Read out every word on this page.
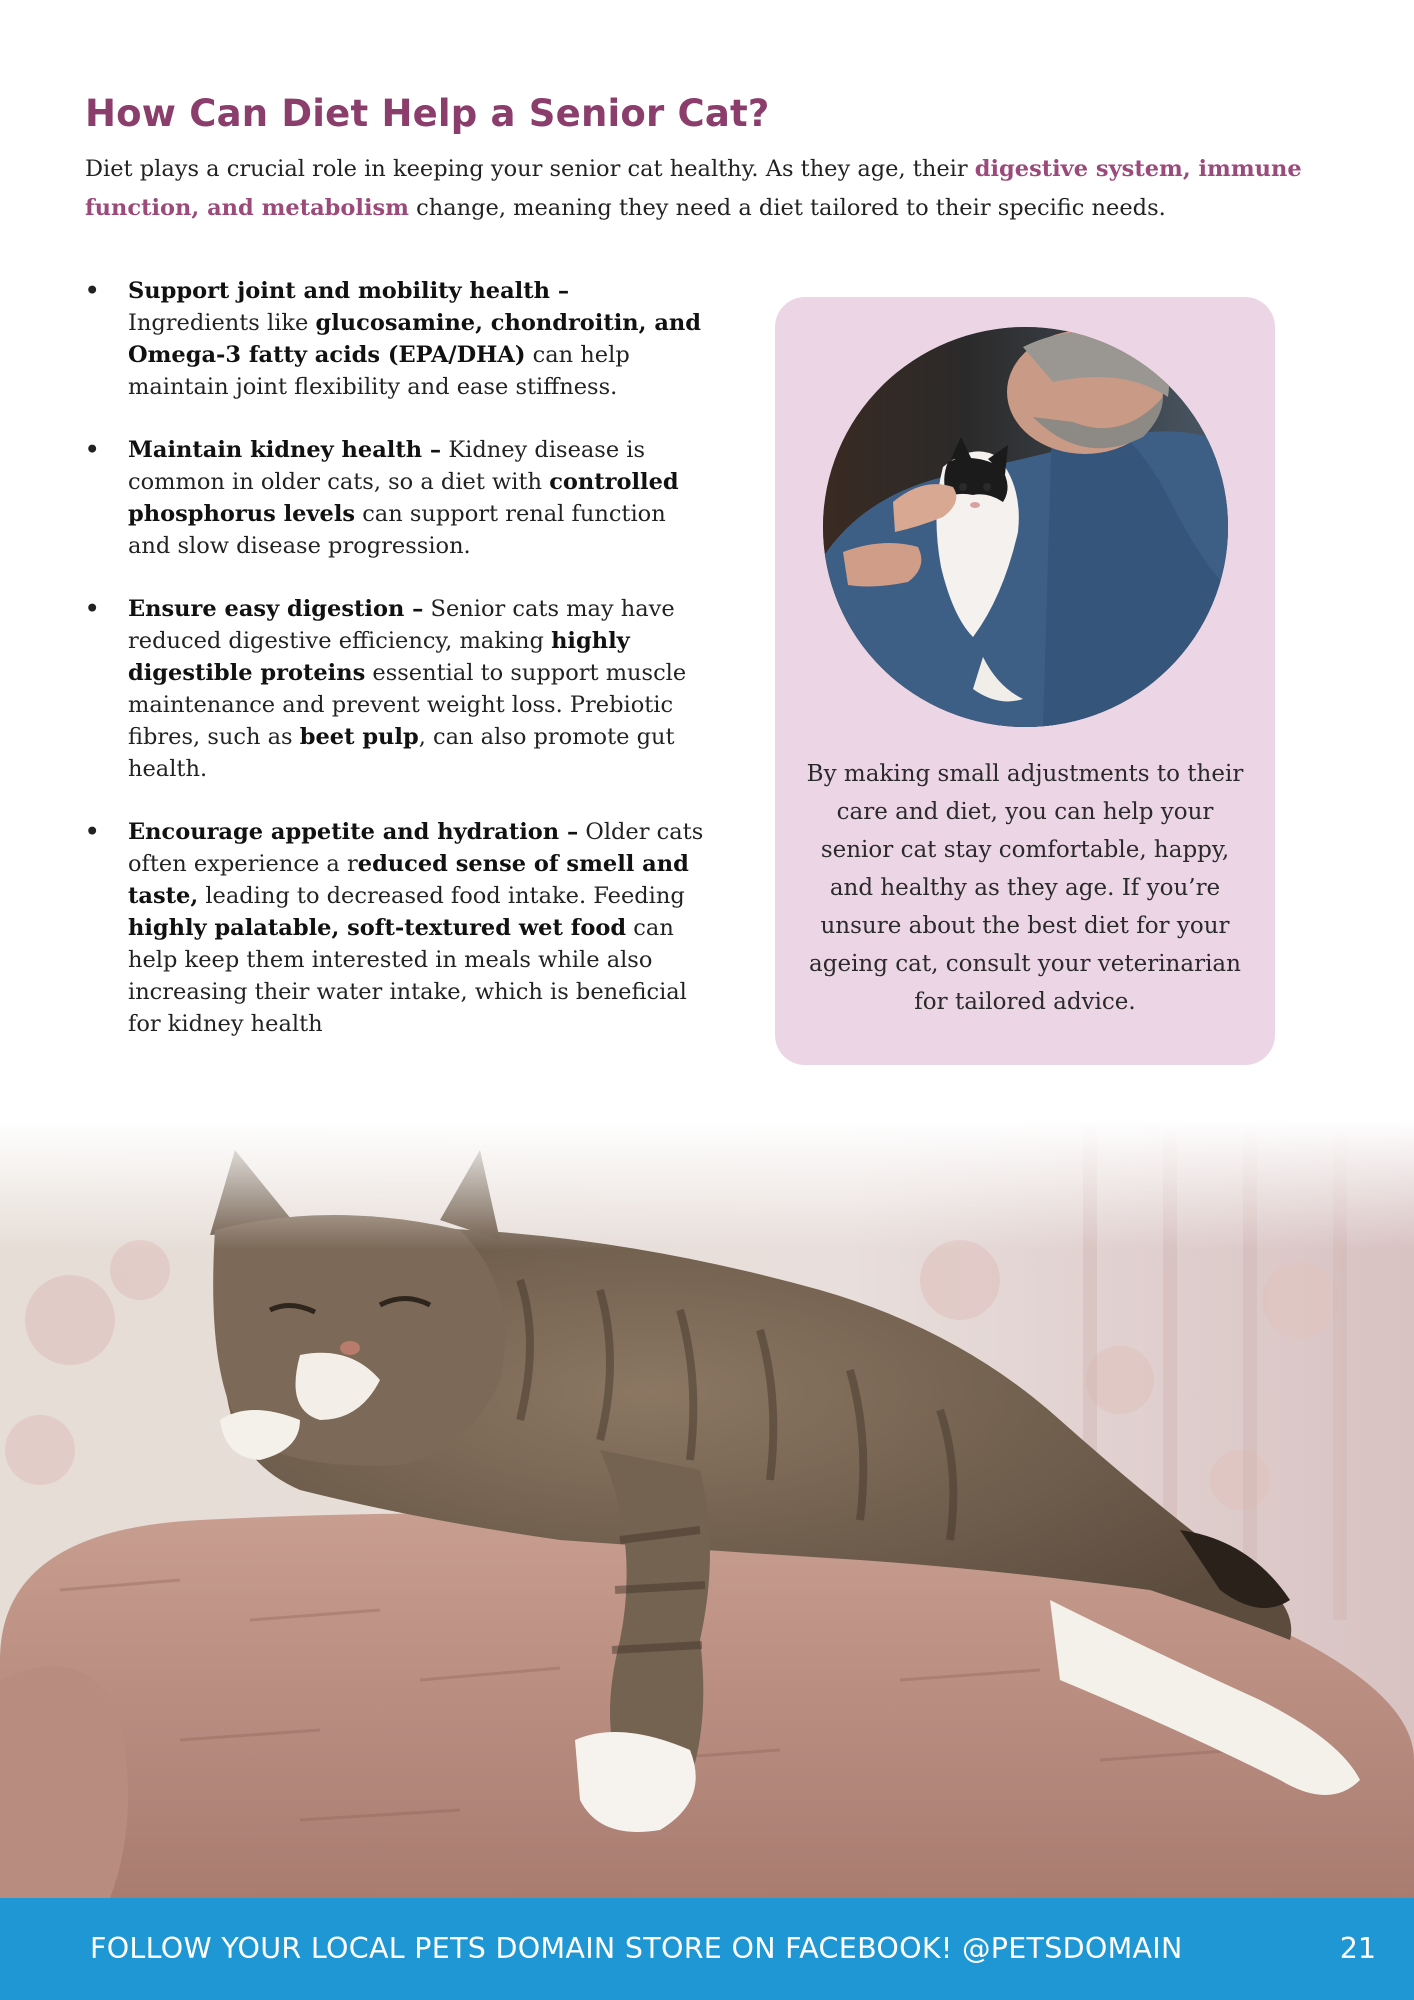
How Can Diet Help a Senior Cat?

Diet plays a crucial role in keeping your senior cat healthy. As they age, their digestive system, immune function, and metabolism change, meaning they need a diet tailored to their specific needs.

• Support joint and mobility health – Ingredients like glucosamine, chondroitin, and Omega-3 fatty acids (EPA/DHA) can help maintain joint flexibility and ease stiffness.
• Maintain kidney health – Kidney disease is common in older cats, so a diet with controlled phosphorus levels can support renal function and slow disease progression.
• Ensure easy digestion – Senior cats may have reduced digestive efficiency, making highly digestible proteins essential to support muscle maintenance and prevent weight loss. Prebiotic fibres, such as beet pulp, can also promote gut health.
• Encourage appetite and hydration – Older cats often experience a reduced sense of smell and taste, leading to decreased food intake. Feeding highly palatable, soft-textured wet food can help keep them interested in meals while also increasing their water intake, which is beneficial for kidney health

By making small adjustments to their care and diet, you can help your senior cat stay comfortable, happy, and healthy as they age. If you’re unsure about the best diet for your ageing cat, consult your veterinarian for tailored advice.

FOLLOW YOUR LOCAL PETS DOMAIN STORE ON FACEBOOK! @PETSDOMAIN	21
